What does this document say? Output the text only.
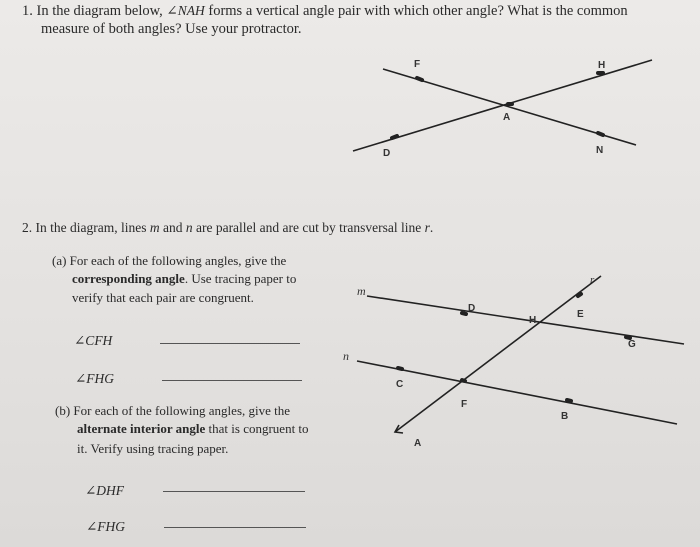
1. In the diagram below, ∠NAH forms a vertical angle pair with which other angle? What is the common
measure of both angles? Use your protractor.
F	H
A
D	N
m
n
r
D
H
E
G
C
F
B
A
2. In the diagram, lines m and n are parallel and are cut by transversal line r.
(a) For each of the following angles, give the
corresponding angle. Use tracing paper to
verify that each pair are congruent.
∠CFH
∠FHG
(b) For each of the following angles, give the
alternate interior angle that is congruent to
it. Verify using tracing paper.
∠DHF
∠FHG
